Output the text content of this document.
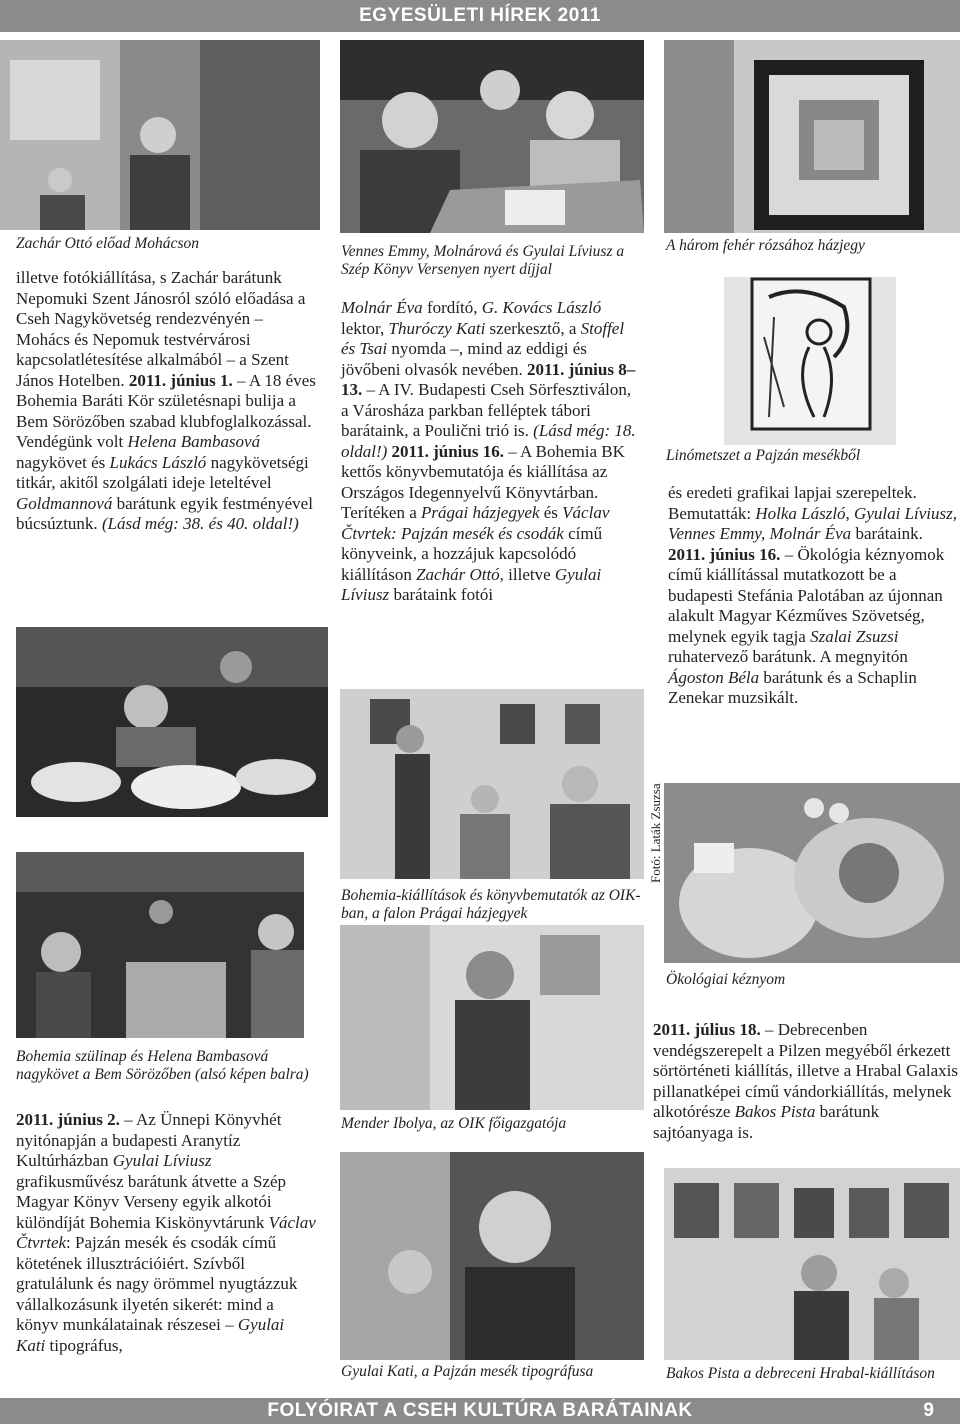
EGYESÜLETI HÍREK 2011
FOLYÓIRAT A CSEH KULTÚRA BARÁTAINAK	9
Zachár Ottó előad Mohácson	Vennes Emmy, Molnárová és Gyulai Líviusz a Szép Könyv Versenyen nyert díjjal
A három fehér rózsához házjegy
Linómetszet a Pajzán mesékből
Bohemia-kiállítások és könyvbemutatók az OIK-ban, a falon Prágai házjegyek
Ökológiai kéznyom
Bohemia szülinap és Helena Bambasová nagykövet a Bem Sörözőben (alsó képen balra)
Mender Ibolya, az OIK főigazgatója
Gyulai Kati, a Pajzán mesék tipográfusa	Bakos Pista a debreceni Hrabal-kiállításon
Fotó: Laták Zsuzsa

illetve fotókiállítása, s Zachár barátunk Nepomuki Szent Jánosról szóló előadása a Cseh Nagykövetség rendezvényén – Mohács és Nepomuk testvérvárosi kapcsolatlétesítése alkalmából – a Szent János Hotelben. 2011. június 1. – A 18 éves Bohemia Baráti Kör születésnapi bulija a Bem Sörözőben szabad klubfoglalkozással. Vendégünk volt Helena Bambasová nagykövet és Lukács László nagykövetségi titkár, akitől szolgálati ideje leteltével Goldmannová barátunk egyik festményével búcsúztunk. (Lásd még: 38. és 40. oldal!)

2011. június 2. – Az Ünnepi Könyvhét nyitónapján a budapesti Aranytíz Kultúrházban Gyulai Líviusz grafikusművész barátunk átvette a Szép Magyar Könyv Verseny egyik alkotói különdíját Bohemia Kiskönyvtárunk Václav Čtvrtek: Pajzán mesék és csodák című kötetének illusztrációiért. Szívből gratulálunk és nagy örömmel nyugtázzuk vállalkozásunk ilyetén sikerét: mind a könyv munkálatainak részesei – Gyulai Kati tipográfus,

Molnár Éva fordító, G. Kovács László lektor, Thuróczy Kati szerkesztő, a Stoffel és Tsai nyomda –, mind az eddigi és jövőbeni olvasók nevében. 2011. június 8–13. – A IV. Budapesti Cseh Sörfesztiválon, a Városháza parkban felléptek tábori barátaink, a Poulični trió is. (Lásd még: 18. oldal!) 2011. június 16. – A Bohemia BK kettős könyvbemutatója és kiállítása az Országos Idegennyelvű Könyvtárban. Terítéken a Prágai házjegyek és Václav Čtvrtek: Pajzán mesék és csodák című könyveink, a hozzájuk kapcsolódó kiállításon Zachár Ottó, illetve Gyulai Líviusz barátaink fotói

és eredeti grafikai lapjai szerepeltek. Bemutatták: Holka László, Gyulai Líviusz, Vennes Emmy, Molnár Éva barátaink. 2011. június 16. – Ökológia kéznyomok című kiállítással mutatkozott be a budapesti Stefánia Palotában az újonnan alakult Magyar Kézműves Szövetség, melynek egyik tagja Szalai Zsuzsi ruhatervező barátunk. A megnyitón Ágoston Béla barátunk és a Schaplin Zenekar muzsikált.

2011. július 18. – Debrecenben vendégszerepelt a Pilzen megyéből érkezett sörtörténeti kiállítás, illetve a Hrabal Galaxis pillanatképei című vándorkiállítás, melynek alkotórésze Bakos Pista barátunk sajtóanyaga is.
